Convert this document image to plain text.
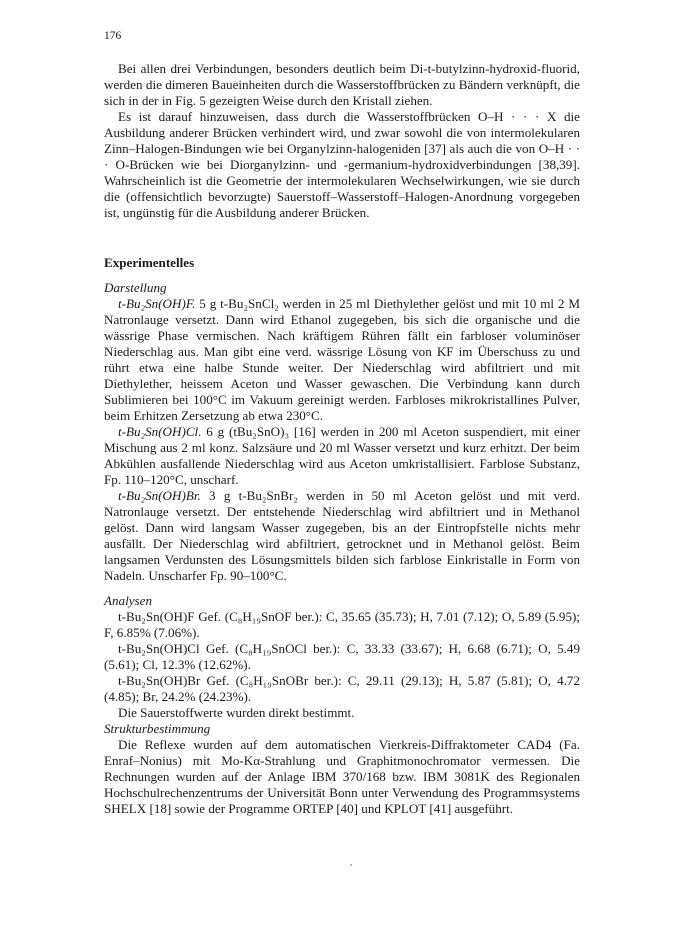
176

Bei allen drei Verbindungen, besonders deutlich beim Di-t-butylzinn-hydroxid-fluorid, werden die dimeren Baueinheiten durch die Wasserstoffbrücken zu Bändern verknüpft, die sich in der in Fig. 5 gezeigten Weise durch den Kristall ziehen.

Es ist darauf hinzuweisen, dass durch die Wasserstoffbrücken O–H · · · X die Ausbildung anderer Brücken verhindert wird, und zwar sowohl die von intermolekularen Zinn–Halogen-Bindungen wie bei Organylzinn-halogeniden [37] als auch die von O–H · · · O-Brücken wie bei Diorganylzinn- und -germanium-hydroxidverbindungen [38,39]. Wahrscheinlich ist die Geometrie der intermolekularen Wechselwirkungen, wie sie durch die (offensichtlich bevorzugte) Sauerstoff–Wasserstoff–Halogen-Anordnung vorgegeben ist, ungünstig für die Ausbildung anderer Brücken.

Experimentelles

Darstellung

t-Bu₂Sn(OH)F. 5 g t-Bu₂SnCl₂ werden in 25 ml Diethylether gelöst und mit 10 ml 2 M Natronlauge versetzt. Dann wird Ethanol zugegeben, bis sich die organische und die wässrige Phase vermischen. Nach kräftigem Rühren fällt ein farbloser voluminöser Niederschlag aus. Man gibt eine verd. wässrige Lösung von KF im Überschuss zu und rührt etwa eine halbe Stunde weiter. Der Niederschlag wird abfiltriert und mit Diethylether, heissem Aceton und Wasser gewaschen. Die Verbindung kann durch Sublimieren bei 100°C im Vakuum gereinigt werden. Farbloses mikrokristallines Pulver, beim Erhitzen Zersetzung ab etwa 230°C.

t-Bu₂Sn(OH)Cl. 6 g (tBu₂SnO)₃ [16] werden in 200 ml Aceton suspendiert, mit einer Mischung aus 2 ml konz. Salzsäure und 20 ml Wasser versetzt und kurz erhitzt. Der beim Abkühlen ausfallende Niederschlag wird aus Aceton umkristallisiert. Farblose Substanz, Fp. 110–120°C, unscharf.

t-Bu₂Sn(OH)Br. 3 g t-Bu₂SnBr₂ werden in 50 ml Aceton gelöst und mit verd. Natronlauge versetzt. Der entstehende Niederschlag wird abfiltriert und in Methanol gelöst. Dann wird langsam Wasser zugegeben, bis an der Eintropfstelle nichts mehr ausfällt. Der Niederschlag wird abfiltriert, getrocknet und in Methanol gelöst. Beim langsamen Verdunsten des Lösungsmittels bilden sich farblose Einkristalle in Form von Nadeln. Unscharfer Fp. 90–100°C.

Analysen

t-Bu₂Sn(OH)F Gef. (C₈H₁₉SnOF ber.): C, 35.65 (35.73); H, 7.01 (7.12); O, 5.89 (5.95); F, 6.85% (7.06%).

t-Bu₂Sn(OH)Cl Gef. (C₈H₁₉SnOCl ber.): C, 33.33 (33.67); H, 6.68 (6.71); O, 5.49 (5.61); Cl, 12.3% (12.62%).

t-Bu₂Sn(OH)Br Gef. (C₈H₁₉SnOBr ber.): C, 29.11 (29.13); H, 5.87 (5.81); O, 4.72 (4.85); Br, 24.2% (24.23%).

Die Sauerstoffwerte wurden direkt bestimmt.

Strukturbestimmung

Die Reflexe wurden auf dem automatischen Vierkreis-Diffraktometer CAD4 (Fa. Enraf–Nonius) mit Mo-Kα-Strahlung und Graphitmonochromator vermessen. Die Rechnungen wurden auf der Anlage IBM 370/168 bzw. IBM 3081K des Regionalen Hochschulrechenzentrums der Universität Bonn unter Verwendung des Programmsystems SHELX [18] sowie der Programme ORTEP [40] und KPLOT [41] ausgeführt.
